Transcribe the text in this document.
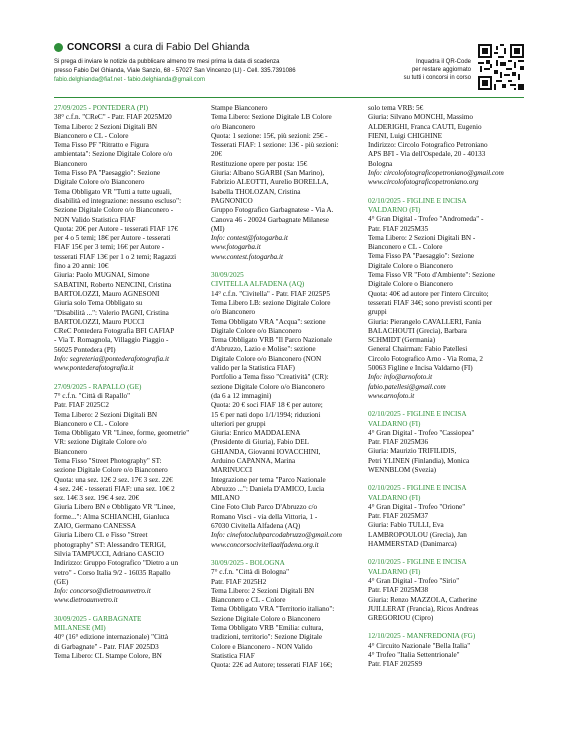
CONCORSI a cura di Fabio Del Ghianda
Si prega di inviare le notizie da pubblicare almeno tre mesi prima la data di scadenza
presso Fabio Del Ghianda, Viale Sanzio, 68 - 57027 San Vincenzo (LI) - Cell. 335.7391086
fabio.delghianda@fiaf.net - fabio.delghianda@gmail.com
Inquadra il QR-Code
per restare aggiornato
su tutti i concorsi in corso

27/09/2025 - PONTEDERA (PI)

38° c.f.n. "CReC" - Patr. FIAF 2025M20

Tema Libero: 2 Sezioni Digitali BN

Bianconero e CL - Colore

Tema Fisso PF "Ritratto e Figura

ambientata": Sezione Digitale Colore o/o

Bianconero

Tema Fisso PA "Paesaggio": Sezione

Digitale Colore o/o Bianconero

Tema Obbligato VR "Tutti a tutte uguali,

disabilità ed integrazione: nessuno escluso":

Sezione Digitale Colore o/o Bianconero -

NON Valido Statistica FIAF

Quota: 20€ per Autore - tesserati FIAF 17€

per 4 o 5 temi; 18€ per Autore - tesserati

FIAF 15€ per 3 temi; 16€ per Autore -

tesserati FIAF 13€ per 1 o 2 temi; Ragazzi

fino a 20 anni: 10€

Giuria: Paolo MUGNAI, Simone

SABATINI, Roberto NENCINI, Cristina

BARTOLOZZI, Mauro AGNESONI

Giuria solo Tema Obbligato su

"Disabilità ...": Valerio PAGNI, Cristina

BARTOLOZZI, Mauro PUCCI

CReC Pontedera Fotografia BFI CAFIAP

- Via T. Romagnola, Villaggio Piaggio -

56025 Pontedera (PI)

Info: segreteria@pontederafotografia.it

www.pontederafotografia.it

27/09/2025 - RAPALLO (GE)

7° c.f.n. "Città di Rapallo"

Patr. FIAF 2025C2

Tema Libero: 2 Sezioni Digitali BN

Bianconero e CL - Colore

Tema Obbligato VR "Linee, forme, geometrie"

VR: sezione Digitale Colore o/o

Bianconero

Tema Fisso "Street Photography" ST:

sezione Digitale Colore o/o Bianconero

Quota: una sez. 12€ 2 sez. 17€ 3 sez. 22€

4 sez. 24€ - tesserati FIAF: una sez. 10€ 2

sez. 14€ 3 sez. 19€ 4 sez. 20€

Giuria Libero BN e Obbligato VR "Linee,

forme...": Alma SCHIANCHI, Gianluca

ZAIO, Germano CANESSA

Giuria Libero CL e Fisso "Street

photography" ST: Alessandro TERIGI,

Silvia TAMPUCCI, Adriano CASCIO

Indirizzo: Gruppo Fotografico "Dietro a un

vetro" - Corso Italia 9/2 - 16035 Rapallo

(GE)

Info: concorso@dietroaunvetro.it

www.dietroaunvetro.it

30/09/2025 - GARBAGNATE

MILANESE (MI)

40° (16° edizione internazionale) "Città

di Garbagnate" - Patr. FIAF 2025D3

Tema Libero: CL Stampe Colore, BN

Stampe Bianconero

Tema Libero: Sezione Digitale LB Colore

o/o Bianconero

Quota: 1 sezione: 15€, più sezioni: 25€ -

Tesserati FIAF: 1 sezione: 13€ - più sezioni:

20€

Restituzione opere per posta: 15€

Giuria: Albano SGARBI (San Marino),

Fabrizio ALEOTTI, Aurelio BORELLA,

Isabella THOLOZAN, Cristina

PAGNONICO

Gruppo Fotografico Garbagnatese - Via A.

Canova 46 - 20024 Garbagnate Milanese

(MI)

Info: contest@fotogarba.it

www.fotogarba.it

www.contest.fotogarba.it

30/09/2025

CIVITELLA ALFADENA (AQ)

14° c.f.n. "Civitella" - Patr. FIAF 2025P5

Tema Libero LB: sezione Digitale Colore

o/o Bianconero

Tema Obbligato VRA "Acqua": sezione

Digitale Colore o/o Bianconero

Tema Obbligato VRB "Il Parco Nazionale

d'Abruzzo, Lazio e Molise": sezione

Digitale Colore o/o Bianconero (NON

valido per la Statistica FIAF)

Portfolio a Tema fisso "Creatività" (CR):

sezione Digitale Colore o/o Bianconero

(da 6 a 12 immagini)

Quota: 20 € soci FIAF 18 € per autore;

15 € per nati dopo 1/1/1994; riduzioni

ulteriori per gruppi

Giuria: Enrico MADDALENA

(Presidente di Giuria), Fabio DEL

GHIANDA, Giovanni IOVACCHINI,

Arduino CAPANNA, Marina

MARINUCCI

Integrazione per tema "Parco Nazionale

Abruzzo ...": Daniela D'AMICO, Lucia

MILANO

Cine Foto Club Parco D'Abruzzo c/o

Romano Visci - via della Vittoria, 1 -

67030 Civitella Alfadena (AQ)

Info: cinefotoclubparcodabruzzo@gmail.com

www.concorsocivitellaalfadena.org.it

30/09/2025 - BOLOGNA

7° c.f.n. "Città di Bologna"

Patr. FIAF 2025H2

Tema Libero: 2 Sezioni Digitali BN

Bianconero e CL - Colore

Tema Obbligato VRA "Territorio italiano":

Sezione Digitale Colore o Bianconero

Tema Obbligato VRB "Emilia: cultura,

tradizioni, territorio": Sezione Digitale

Colore e Bianconero - NON Valido

Statistica FIAF

Quota: 22€ ad Autore; tesserati FIAF 16€;

solo tema VRB: 5€

Giuria: Silvano MONCHI, Massimo

ALDERIGHI, Franca CAUTI, Eugenio

FIENI, Luigi CHIGHINE

Indirizzo: Circolo Fotografico Petroniano

APS BFI - Via dell'Ospedale, 20 - 40133

Bologna

Info: circolofotograficopetroniano@gmail.com

www.circolofotograficopetroniano.org

02/10/2025 - FIGLINE E INCISA

VALDARNO (FI)

4° Gran Digital - Trofeo "Andromeda" -

Patr. FIAF 2025M35

Tema Libero: 2 Sezioni Digitali BN -

Bianconero e CL - Colore

Tema Fisso PA "Paesaggio": Sezione

Digitale Colore o Bianconero

Tema Fisso VR "Foto d'Ambiente": Sezione

Digitale Colore o Bianconero

Quota: 40€ ad autore per l'intero Circuito;

tesserati FIAF 34€; sono previsti sconti per

gruppi

Giuria: Pierangelo CAVALLERI, Fania

BALACHOUTI (Grecia), Barbara

SCHMIDT (Germania)

General Chairman: Fabio Patellesi

Circolo Fotografico Arno - Via Roma, 2

50063 Figline e Incisa Valdarno (FI)

Info: info@arnofoto.it

fabio.patellesi@gmail.com

www.arnofoto.it

02/10/2025 - FIGLINE E INCISA

VALDARNO (FI)

4° Gran Digital - Trofeo "Cassiopea"

Patr. FIAF 2025M36

Giuria: Maurizio TRIFILIDIS,

Petri YLINEN (Finlandia), Monica

WENNBLOM (Svezia)

02/10/2025 - FIGLINE E INCISA

VALDARNO (FI)

4° Gran Digital - Trofeo "Orione"

Patr. FIAF 2025M37

Giuria: Fabio TULLI, Eva

LAMBROPOULOU (Grecia), Jan

HAMMERSTAD (Danimarca)

02/10/2025 - FIGLINE E INCISA

VALDARNO (FI)

4° Gran Digital - Trofeo "Sirio"

Patr. FIAF 2025M38

Giuria: Renzo MAZZOLA, Catherine

JUILLERAT (Francia), Ricos Andreas

GREGORIOU (Cipro)

12/10/2025 - MANFREDONIA (FG)

4° Circuito Nazionale "Bella Italia"

4° Trofeo "Italia Settentrionale"

Patr. FIAF 2025S9
